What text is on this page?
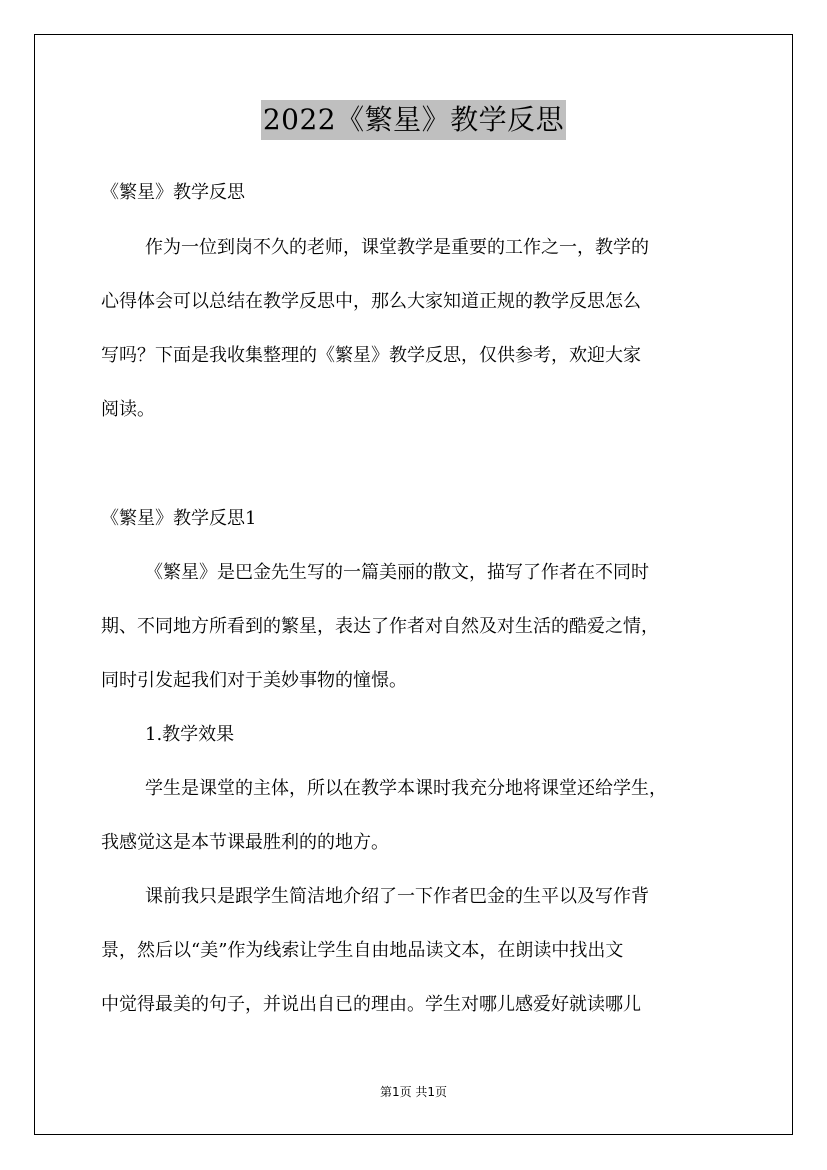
2022《繁星》教学反思
《繁星》教学反思
作为一位到岗不久的老师，课堂教学是重要的工作之一，教学的
心得体会可以总结在教学反思中，那么大家知道正规的教学反思怎么
写吗？下面是我收集整理的《繁星》教学反思，仅供参考，欢迎大家
阅读。
《繁星》教学反思1
《繁星》是巴金先生写的一篇美丽的散文，描写了作者在不同时
期、不同地方所看到的繁星，表达了作者对自然及对生活的酷爱之情，
同时引发起我们对于美妙事物的憧憬。
1.教学效果
学生是课堂的主体，所以在教学本课时我充分地将课堂还给学生，
我感觉这是本节课最胜利的的地方。
课前我只是跟学生简洁地介绍了一下作者巴金的生平以及写作背
景，然后以“美”作为线索让学生自由地品读文本，在朗读中找出文
中觉得最美的句子，并说出自已的理由。学生对哪儿感爱好就读哪儿
第1页 共1页
